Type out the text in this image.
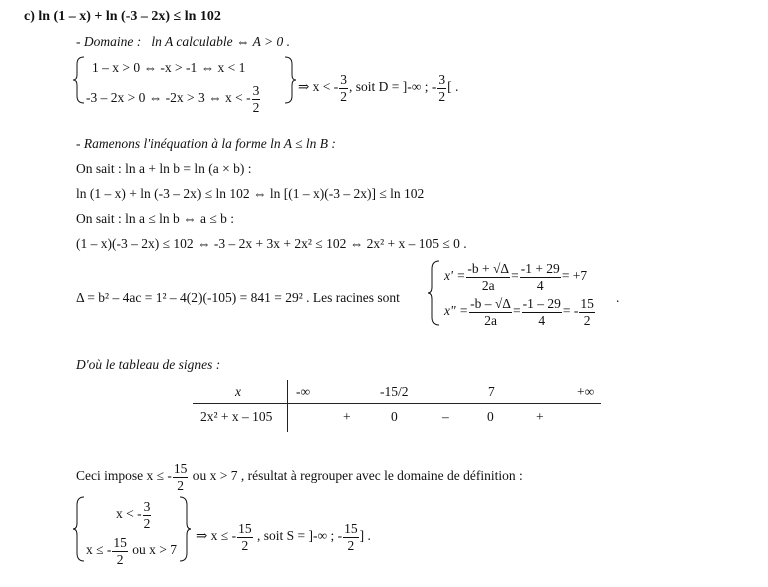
c) ln (1 – x) + ln (-3 – 2x) ≤ ln 102
- Domaine : ln A calculable ⇔ A > 0 .
1 – x > 0 ⇔ -x > -1 ⇔ x < 1
-3 – 2x > 0 ⇔ -2x > 3 ⇔ x < - $\frac{3}{2}$	⇒ x < - $\frac{3}{2}$ , soit D = ]-∞ ; - $\frac{3}{2}$ [ .
- Ramenons l'inéquation à la forme ln A ≤ ln B :
On sait : ln a + ln b = ln (a × b) :
ln (1 – x) + ln (-3 – 2x) ≤ ln 102 ⇔ ln [(1 – x)(-3 – 2x)] ≤ ln 102
On sait : ln a ≤ ln b ⇔ a ≤ b :
(1 – x)(-3 – 2x) ≤ 102 ⇔ -3 – 2x + 3x + 2x² ≤ 102 ⇔ 2x² + x – 105 ≤ 0 .
Δ = b² – 4ac = 1² – 4(2)(-105) = 841 = 29² . Les racines sont
$x' = \frac{-b + √\Delta}{2a} = \frac{-1 + 29}{4} = +7$
x" = $\frac{-b - √\Delta}{2a} = \frac{-1 - 29}{4}$ = - $\frac{15}{2}$ .
D'où le tableau de signes :
x	-∞	-15/2	7	+∞
2x² + x – 105	+	0	–	0	+
Ceci impose x ≤ - $\frac{15}{2}$ ou x > 7 , résultat à regrouper avec le domaine de définition :
x < - $\frac{3}{2}$
x ≤ - $\frac{15}{2}$ ou x > 7
⇒ x ≤ - $\frac{15}{2}$ , soit S = ]-∞ ; - $\frac{15}{2}$ ] .
